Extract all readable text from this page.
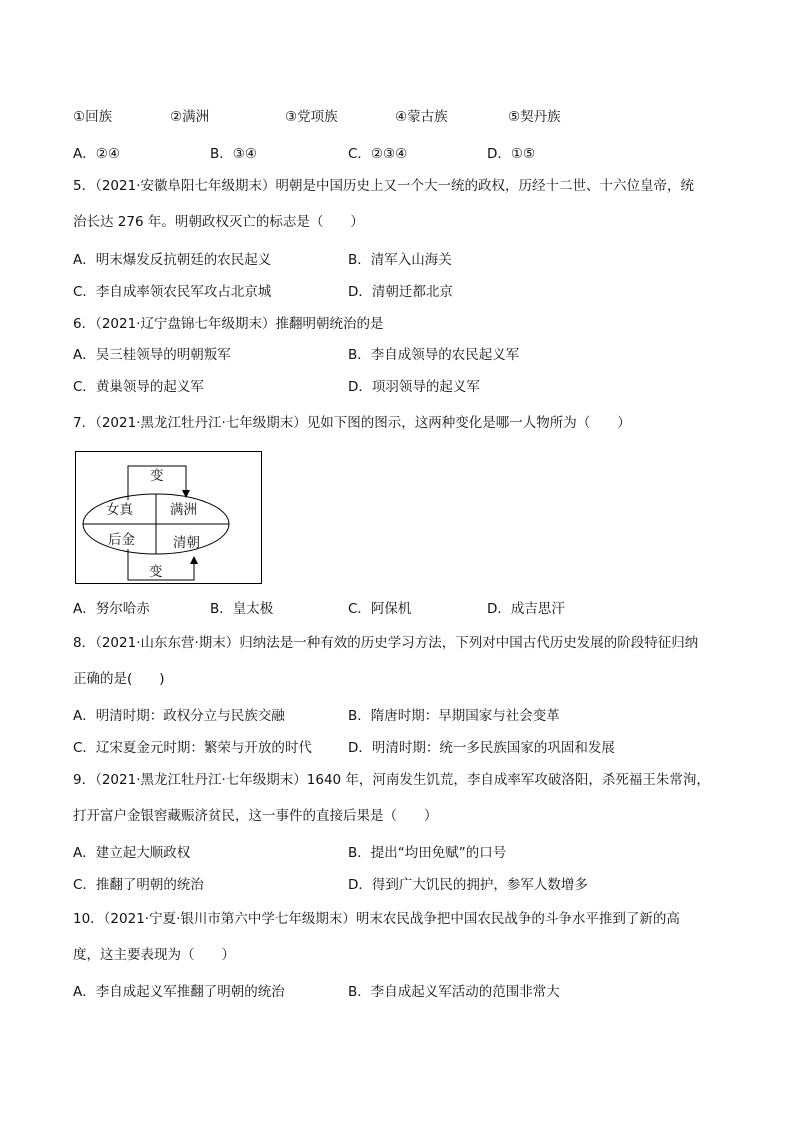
①回族	②满洲	③党项族	④蒙古族	⑤契丹族
A．②④	B．③④	C．②③④	D．①⑤
5．（2021·安徽阜阳七年级期末）明朝是中国历史上又一个大一统的政权，历经十二世、十六位皇帝，统
治长达 276 年。明朝政权灭亡的标志是（　　）
A．明末爆发反抗朝廷的农民起义	B．清军入山海关
C．李自成率领农民军攻占北京城	D．清朝迁都北京
6．（2021·辽宁盘锦七年级期末）推翻明朝统治的是
A．吴三桂领导的明朝叛军	B．李自成领导的农民起义军
C．黄巢领导的起义军	D．项羽领导的起义军
7．（2021·黑龙江牡丹江·七年级期末）见如下图的图示，这两种变化是哪一人物所为（　　）
变
女真	满洲
后金	清朝
变
A．努尔哈赤	B．皇太极	C．阿保机	D．成吉思汗
8．（2021·山东东营·期末）归纳法是一种有效的历史学习方法，下列对中国古代历史发展的阶段特征归纳
正确的是(　　)
A．明清时期：政权分立与民族交融	B．隋唐时期：早期国家与社会变革
C．辽宋夏金元时期：繁荣与开放的时代	D．明清时期：统一多民族国家的巩固和发展
9．（2021·黑龙江牡丹江·七年级期末）1640 年，河南发生饥荒，李自成率军攻破洛阳，杀死福王朱常洵，
打开富户金银窖藏赈济贫民，这一事件的直接后果是（　　）
A．建立起大顺政权	B．提出“均田免赋”的口号
C．推翻了明朝的统治	D．得到广大饥民的拥护，参军人数增多
10．（2021·宁夏·银川市第六中学七年级期末）明末农民战争把中国农民战争的斗争水平推到了新的高
度，这主要表现为（　　）
A．李自成起义军推翻了明朝的统治	B．李自成起义军活动的范围非常大
